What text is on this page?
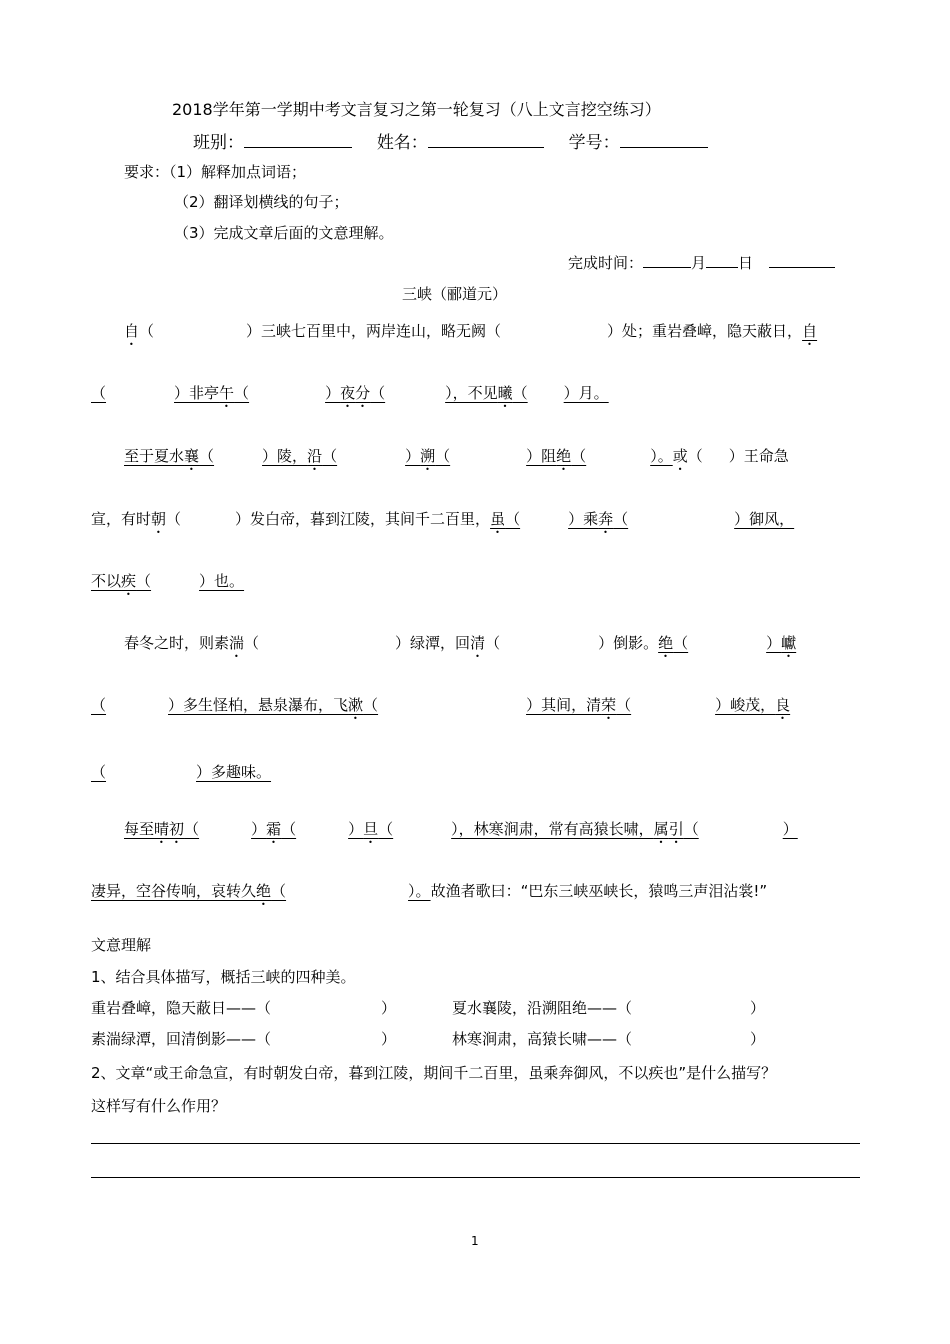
2018学年第一学期中考文言复习之第一轮复习（八上文言挖空练习）
班别：	姓名：	学号：
要求：（1）解释加点词语；
（2）翻译划横线的句子；
（3）完成文章后面的文意理解。
完成时间：	月 日
三峡（郦道元）
自（	）三峡七百里中，两岸连山，略无阙（	）处；重岩叠嶂，隐天蔽日，自
（	）非亭午（	）夜分（	），不见曦（ ）月。
至于夏水襄（	）陵，沿（	）溯（	）阻绝（	）。或（ ）王命急
宣，有时朝（	）发白帝，暮到江陵，其间千二百里，虽（	）乘奔（	）御风，
不以疾（	）也。
春冬之时，则素湍（	）绿潭，回清（	）倒影。绝（	）巘
（	）多生怪柏，悬泉瀑布，飞漱（	）其间，清荣（	）峻茂，良
（	）多趣味。
每至晴初（	）霜（	）旦（	），林寒涧肃，常有高猿长啸，属引（	）
凄异，空谷传响，哀转久绝（	）。故渔者歌曰：“巴东三峡巫峡长，猿鸣三声泪沾裳!”
文意理解
1、结合具体描写，概括三峡的四种美。
重岩叠嶂，隐天蔽日——（	）	夏水襄陵，沿溯阻绝——（	）
素湍绿潭，回清倒影——（	）	林寒涧肃，高猿长啸——（	）
2、文章“或王命急宣，有时朝发白帝，暮到江陵，期间千二百里，虽乘奔御风，不以疾也”是什么描写？
这样写有什么作用？
1
